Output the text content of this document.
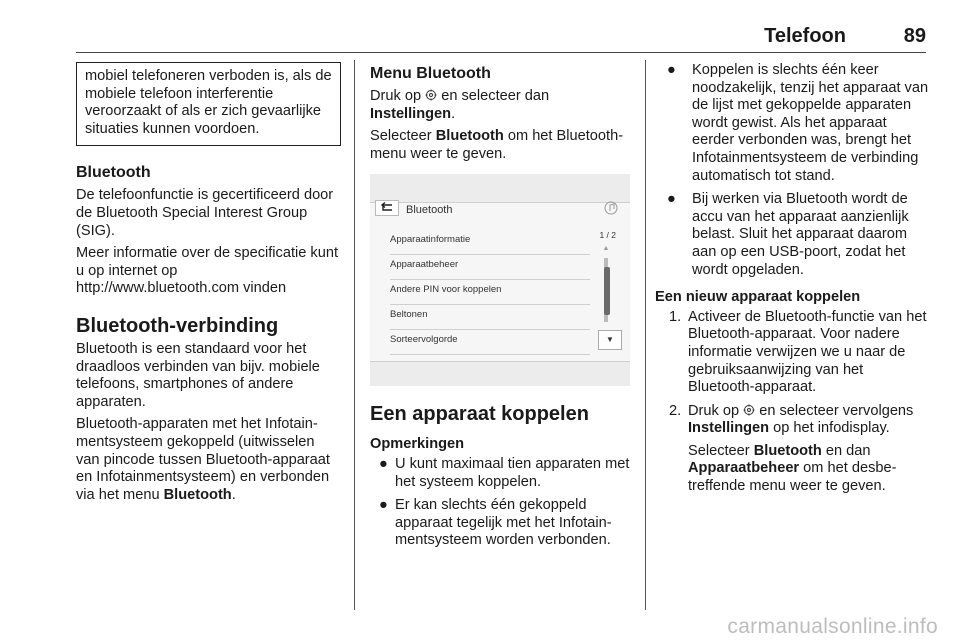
Telefoon	89
mobiel telefoneren verboden is, als de mobiele telefoon interferentie veroorzaakt of als er zich gevaarlijke situaties kunnen voordoen.
Bluetooth

De telefoonfunctie is gecertificeerd door de Bluetooth Special Interest Group (SIG).

Meer informatie over de specificatie kunt u op internet op http://www.bluetooth.com vinden

Bluetooth-verbinding

Bluetooth is een standaard voor het draadloos verbinden van bijv. mobiele telefoons, smartphones of andere apparaten.

Bluetooth-apparaten met het Infotainmentsysteem gekoppeld (uitwisselen van pincode tussen Bluetooth-apparaat en Infotainmentsysteem) en verbonden via het menu Bluetooth.

Menu Bluetooth

Druk op  en selecteer dan Instellingen.

Selecteer Bluetooth om het Bluetooth-menu weer te geven.

Bluetooth
Apparaatinformatie
Apparaatbeheer
Andere PIN voor koppelen
Beltonen
Sorteervolgorde
1 / 2
▲
▼
Een apparaat koppelen
Opmerkingen
● U kunt maximaal tien apparaten met het systeem koppelen.
● Er kan slechts één gekoppeld apparaat tegelijk met het Infotainmentsysteem worden verbonden.
● Koppelen is slechts één keer noodzakelijk, tenzij het apparaat van de lijst met gekoppelde apparaten wordt gewist. Als het apparaat eerder verbonden was, brengt het Infotainmentsysteem de verbinding automatisch tot stand.
● Bij werken via Bluetooth wordt de accu van het apparaat aanzienlijk belast. Sluit het apparaat daarom aan op een USB-poort, zodat het wordt opgeladen.
Een nieuw apparaat koppelen
1. Activeer de Bluetooth-functie van het Bluetooth-apparaat. Voor nadere informatie verwijzen we u naar de gebruiksaanwijzing van het Bluetooth-apparaat.
2. Druk op  en selecteer vervolgens Instellingen op het infodisplay.

Selecteer Bluetooth en dan Apparaatbeheer om het desbetreffende menu weer te geven.

carmanualsonline.info
